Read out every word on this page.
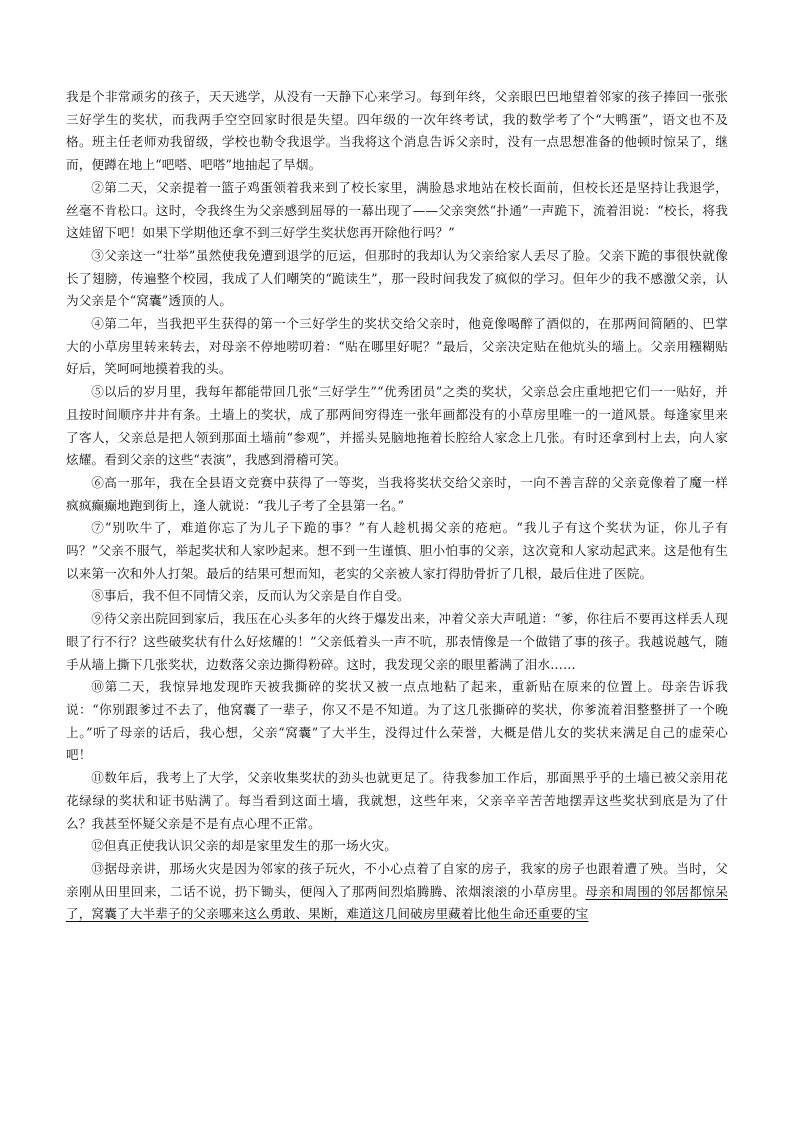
我是个非常顽劣的孩子，天天逃学，从没有一天静下心来学习。每到年终，父亲眼巴巴地望着邻家的孩子捧回一张张三好学生的奖状，而我两手空空回家时很是失望。四年级的一次年终考试，我的数学考了个“大鸭蛋”，语文也不及格。班主任老师劝我留级，学校也勒令我退学。当我将这个消息告诉父亲时，没有一点思想准备的他顿时惊呆了，继而，便蹲在地上“吧嗒、吧嗒”地抽起了旱烟。

②第二天，父亲提着一篮子鸡蛋领着我来到了校长家里，满脸恳求地站在校长面前，但校长还是坚持让我退学，丝毫不肯松口。这时，令我终生为父亲感到屈辱的一幕出现了——父亲突然“扑通”一声跪下，流着泪说：“校长，将我这娃留下吧！如果下学期他还拿不到三好学生奖状您再开除他行吗？”

③父亲这一“壮举”虽然使我免遭到退学的厄运，但那时的我却认为父亲给家人丢尽了脸。父亲下跪的事很快就像长了翅膀，传遍整个校园，我成了人们嘲笑的“跪读生”，那一段时间我发了疯似的学习。但年少的我不感激父亲，认为父亲是个“窝囊”透顶的人。

④第二年，当我把平生获得的第一个三好学生的奖状交给父亲时，他竟像喝醉了酒似的，在那两间简陋的、巴掌大的小草房里转来转去，对母亲不停地唠叨着：“贴在哪里好呢？”最后，父亲决定贴在他炕头的墙上。父亲用糨糊贴好后，笑呵呵地摸着我的头。

⑤以后的岁月里，我每年都能带回几张“三好学生”“优秀团员”之类的奖状，父亲总会庄重地把它们一一贴好，并且按时间顺序井井有条。土墙上的奖状，成了那两间穷得连一张年画都没有的小草房里唯一的一道风景。每逢家里来了客人，父亲总是把人领到那面土墙前“参观”，并摇头晃脑地拖着长腔给人家念上几张。有时还拿到村上去，向人家炫耀。看到父亲的这些“表演”，我感到滑稽可笑。

⑥高一那年，我在全县语文竞赛中获得了一等奖，当我将奖状交给父亲时，一向不善言辞的父亲竟像着了魔一样疯疯癫癫地跑到街上，逢人就说：“我儿子考了全县第一名。”

⑦“别吹牛了，难道你忘了为儿子下跪的事？”有人趁机揭父亲的疮疤。“我儿子有这个奖状为证，你儿子有吗？”父亲不服气，举起奖状和人家吵起来。想不到一生谨慎、胆小怕事的父亲，这次竟和人家动起武来。这是他有生以来第一次和外人打架。最后的结果可想而知，老实的父亲被人家打得肋骨折了几根，最后住进了医院。

⑧事后，我不但不同情父亲，反而认为父亲是自作自受。

⑨待父亲出院回到家后，我压在心头多年的火终于爆发出来，冲着父亲大声吼道：“爹，你往后不要再这样丢人现眼了行不行？这些破奖状有什么好炫耀的！”父亲低着头一声不吭，那表情像是一个做错了事的孩子。我越说越气，随手从墙上撕下几张奖状，边数落父亲边撕得粉碎。这时，我发现父亲的眼里蓄满了泪水……

⑩第二天，我惊异地发现昨天被我撕碎的奖状又被一点点地粘了起来，重新贴在原来的位置上。母亲告诉我说：“你别跟爹过不去了，他窝囊了一辈子，你又不是不知道。为了这几张撕碎的奖状，你爹流着泪整整拼了一个晚上。”听了母亲的话后，我心想，父亲“窝囊”了大半生，没得过什么荣誉，大概是借儿女的奖状来满足自己的虚荣心吧！

⑪数年后，我考上了大学，父亲收集奖状的劲头也就更足了。待我参加工作后，那面黑乎乎的土墙已被父亲用花花绿绿的奖状和证书贴满了。每当看到这面土墙，我就想，这些年来，父亲辛辛苦苦地摆弄这些奖状到底是为了什么？我甚至怀疑父亲是不是有点心理不正常。

⑫但真正使我认识父亲的却是家里发生的那一场火灾。

⑬据母亲讲，那场火灾是因为邻家的孩子玩火，不小心点着了自家的房子，我家的房子也跟着遭了殃。当时，父亲刚从田里回来，二话不说，扔下锄头，便闯入了那两间烈焰腾腾、浓烟滚滚的小草房里。母亲和周围的邻居都惊呆了，窝囊了大半辈子的父亲哪来这么勇敢、果断，难道这几间破房里藏着比他生命还重要的宝
